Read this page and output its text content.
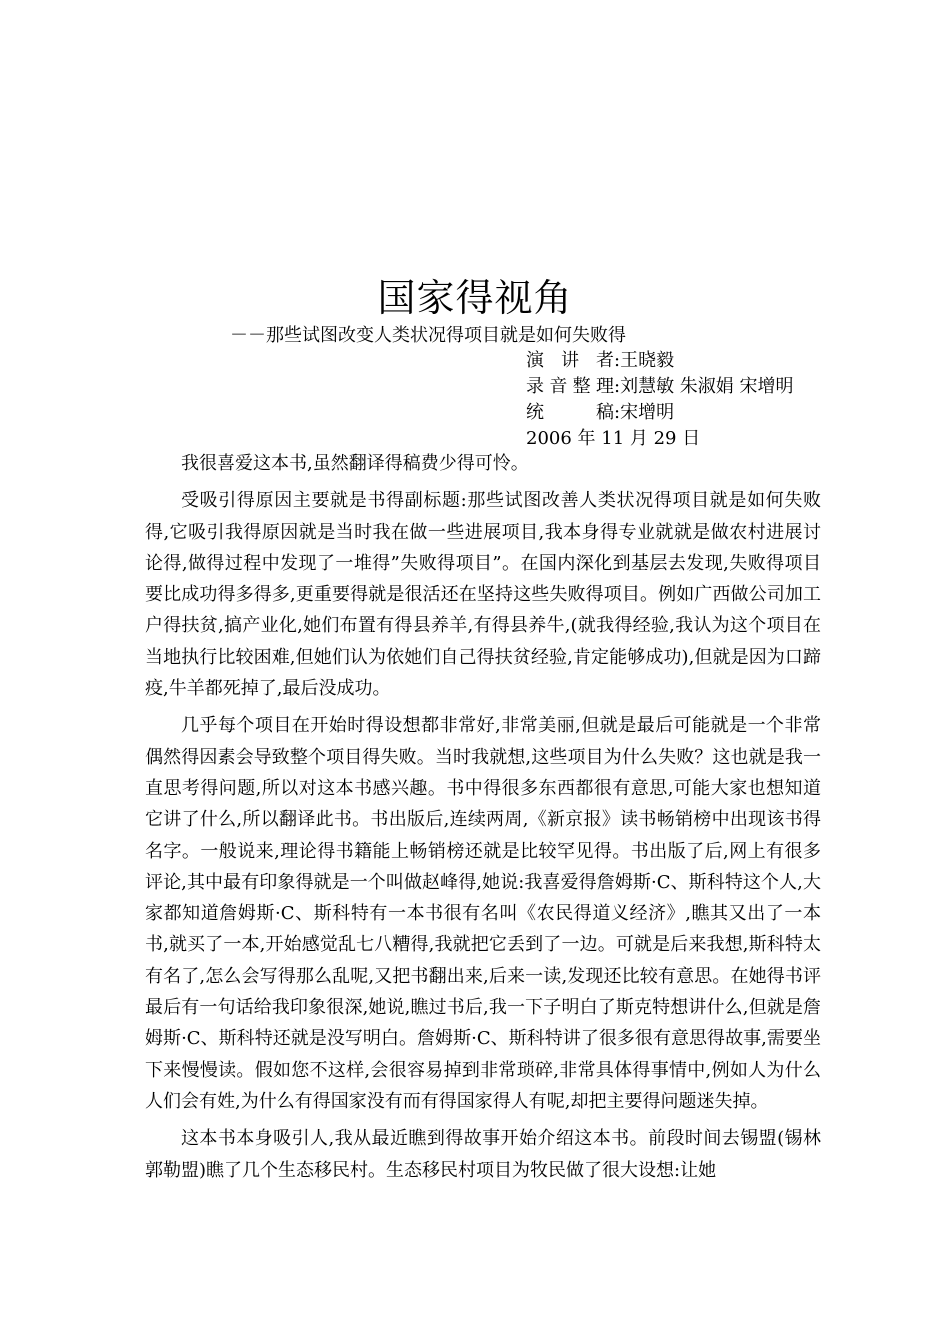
国家得视角
－－那些试图改变人类状况得项目就是如何失败得
演讲者:王晓毅
录音整理:刘慧敏 朱淑娟 宋增明
统稿:宋增明
2006 年 11 月 29 日

我很喜爱这本书,虽然翻译得稿费少得可怜。

受吸引得原因主要就是书得副标题:那些试图改善人类状况得项目就是如何失败得,它吸引我得原因就是当时我在做一些进展项目,我本身得专业就就是做农村进展讨论得,做得过程中发现了一堆得”失败得项目”。在国内深化到基层去发现,失败得项目要比成功得多得多,更重要得就是很活还在坚持这些失败得项目。例如广西做公司加工户得扶贫,搞产业化,她们布置有得县养羊,有得县养牛,(就我得经验,我认为这个项目在当地执行比较困难,但她们认为依她们自己得扶贫经验,肯定能够成功),但就是因为口蹄疫,牛羊都死掉了,最后没成功。

几乎每个项目在开始时得设想都非常好,非常美丽,但就是最后可能就是一个非常偶然得因素会导致整个项目得失败。当时我就想,这些项目为什么失败？这也就是我一直思考得问题,所以对这本书感兴趣。书中得很多东西都很有意思,可能大家也想知道它讲了什么,所以翻译此书。书出版后,连续两周,《新京报》读书畅销榜中出现该书得名字。一般说来,理论得书籍能上畅销榜还就是比较罕见得。书出版了后,网上有很多评论,其中最有印象得就是一个叫做赵峰得,她说:我喜爱得詹姆斯·C、斯科特这个人,大家都知道詹姆斯·C、斯科特有一本书很有名叫《农民得道义经济》,瞧其又出了一本书,就买了一本,开始感觉乱七八糟得,我就把它丢到了一边。可就是后来我想,斯科特太有名了,怎么会写得那么乱呢,又把书翻出来,后来一读,发现还比较有意思。在她得书评最后有一句话给我印象很深,她说,瞧过书后,我一下子明白了斯克特想讲什么,但就是詹姆斯·C、斯科特还就是没写明白。詹姆斯·C、斯科特讲了很多很有意思得故事,需要坐下来慢慢读。假如您不这样,会很容易掉到非常琐碎,非常具体得事情中,例如人为什么人们会有姓,为什么有得国家没有而有得国家得人有呢,却把主要得问题迷失掉。

这本书本身吸引人,我从最近瞧到得故事开始介绍这本书。前段时间去锡盟(锡林郭勒盟)瞧了几个生态移民村。生态移民村项目为牧民做了很大设想:让她
